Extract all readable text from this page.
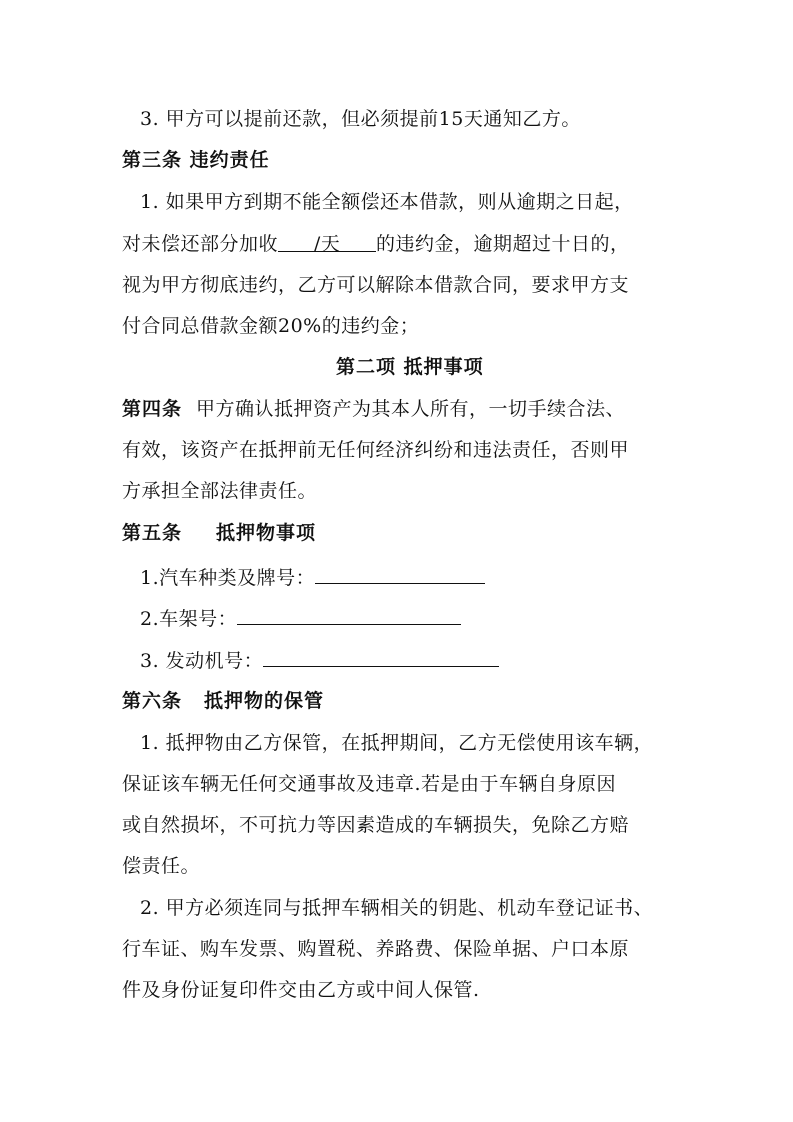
3. 甲方可以提前还款，但必须提前15天通知乙方。
第三条 违约责任
1. 如果甲方到期不能全额偿还本借款，则从逾期之日起，
对未偿还部分加收 /天 的违约金，逾期超过十日的，
视为甲方彻底违约，乙方可以解除本借款合同，要求甲方支
付合同总借款金额20%的违约金；
第二项 抵押事项
第四条 甲方确认抵押资产为其本人所有，一切手续合法、
有效，该资产在抵押前无任何经济纠纷和违法责任，否则甲
方承担全部法律责任。
第五条 抵押物事项
1.汽车种类及牌号：
2.车架号：
3. 发动机号：
第六条 抵押物的保管
1. 抵押物由乙方保管，在抵押期间，乙方无偿使用该车辆，
保证该车辆无任何交通事故及违章.若是由于车辆自身原因
或自然损坏，不可抗力等因素造成的车辆损失，免除乙方赔
偿责任。
2. 甲方必须连同与抵押车辆相关的钥匙、机动车登记证书、
行车证、购车发票、购置税、养路费、保险单据、户口本原
件及身份证复印件交由乙方或中间人保管.
